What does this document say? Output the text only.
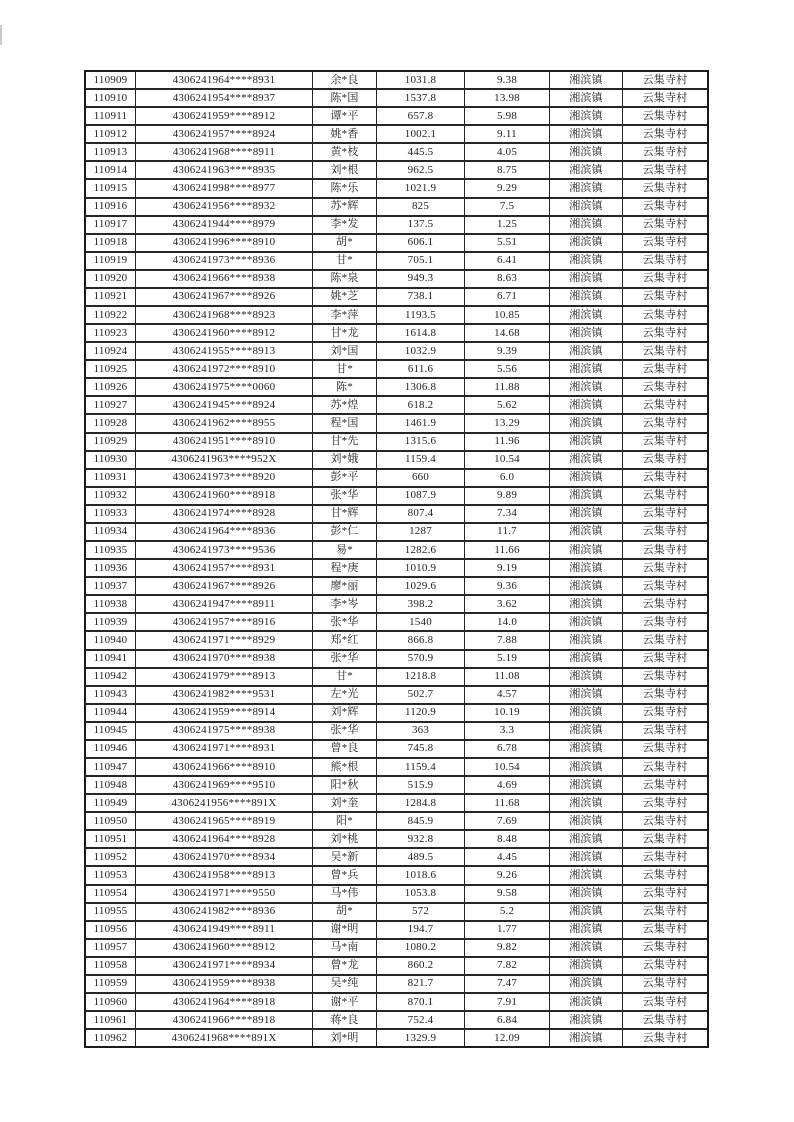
110909	4306241964****8931	余*良	1031.8	9.38	湘滨镇	云集寺村
110910	4306241954****8937	陈*国	1537.8	13.98	湘滨镇	云集寺村
110911	4306241959****8912	谭*平	657.8	5.98	湘滨镇	云集寺村
110912	4306241957****8924	姚*香	1002.1	9.11	湘滨镇	云集寺村
110913	4306241968****8911	黄*枝	445.5	4.05	湘滨镇	云集寺村
110914	4306241963****8935	刘*根	962.5	8.75	湘滨镇	云集寺村
110915	4306241998****8977	陈*乐	1021.9	9.29	湘滨镇	云集寺村
110916	4306241956****8932	苏*辉	825	7.5	湘滨镇	云集寺村
110917	4306241944****8979	李*发	137.5	1.25	湘滨镇	云集寺村
110918	4306241996****8910	胡*	606.1	5.51	湘滨镇	云集寺村
110919	4306241973****8936	甘*	705.1	6.41	湘滨镇	云集寺村
110920	4306241966****8938	陈*泉	949.3	8.63	湘滨镇	云集寺村
110921	4306241967****8926	姚*芝	738.1	6.71	湘滨镇	云集寺村
110922	4306241968****8923	李*萍	1193.5	10.85	湘滨镇	云集寺村
110923	4306241960****8912	甘*龙	1614.8	14.68	湘滨镇	云集寺村
110924	4306241955****8913	刘*国	1032.9	9.39	湘滨镇	云集寺村
110925	4306241972****8910	甘*	611.6	5.56	湘滨镇	云集寺村
110926	4306241975****0060	陈*	1306.8	11.88	湘滨镇	云集寺村
110927	4306241945****8924	苏*煌	618.2	5.62	湘滨镇	云集寺村
110928	4306241962****8955	程*国	1461.9	13.29	湘滨镇	云集寺村
110929	4306241951****8910	甘*先	1315.6	11.96	湘滨镇	云集寺村
110930	4306241963****952X	刘*娥	1159.4	10.54	湘滨镇	云集寺村
110931	4306241973****8920	彭*平	660	6.0	湘滨镇	云集寺村
110932	4306241960****8918	张*华	1087.9	9.89	湘滨镇	云集寺村
110933	4306241974****8928	甘*辉	807.4	7.34	湘滨镇	云集寺村
110934	4306241964****8936	彭*仁	1287	11.7	湘滨镇	云集寺村
110935	4306241973****9536	易*	1282.6	11.66	湘滨镇	云集寺村
110936	4306241957****8931	程*庚	1010.9	9.19	湘滨镇	云集寺村
110937	4306241967****8926	廖*丽	1029.6	9.36	湘滨镇	云集寺村
110938	4306241947****8911	李*岑	398.2	3.62	湘滨镇	云集寺村
110939	4306241957****8916	张*华	1540	14.0	湘滨镇	云集寺村
110940	4306241971****8929	郑*红	866.8	7.88	湘滨镇	云集寺村
110941	4306241970****8938	张*华	570.9	5.19	湘滨镇	云集寺村
110942	4306241979****8913	甘*	1218.8	11.08	湘滨镇	云集寺村
110943	4306241982****9531	左*光	502.7	4.57	湘滨镇	云集寺村
110944	4306241959****8914	刘*辉	1120.9	10.19	湘滨镇	云集寺村
110945	4306241975****8938	张*华	363	3.3	湘滨镇	云集寺村
110946	4306241971****8931	曾*良	745.8	6.78	湘滨镇	云集寺村
110947	4306241966****8910	熊*根	1159.4	10.54	湘滨镇	云集寺村
110948	4306241969****9510	阳*秋	515.9	4.69	湘滨镇	云集寺村
110949	4306241956****891X	刘*奎	1284.8	11.68	湘滨镇	云集寺村
110950	4306241965****8919	阳*	845.9	7.69	湘滨镇	云集寺村
110951	4306241964****8928	刘*桃	932.8	8.48	湘滨镇	云集寺村
110952	4306241970****8934	吴*新	489.5	4.45	湘滨镇	云集寺村
110953	4306241958****8913	曾*兵	1018.6	9.26	湘滨镇	云集寺村
110954	4306241971****9550	马*伟	1053.8	9.58	湘滨镇	云集寺村
110955	4306241982****8936	胡*	572	5.2	湘滨镇	云集寺村
110956	4306241949****8911	谢*明	194.7	1.77	湘滨镇	云集寺村
110957	4306241960****8912	马*南	1080.2	9.82	湘滨镇	云集寺村
110958	4306241971****8934	曾*龙	860.2	7.82	湘滨镇	云集寺村
110959	4306241959****8938	吴*纯	821.7	7.47	湘滨镇	云集寺村
110960	4306241964****8918	谢*平	870.1	7.91	湘滨镇	云集寺村
110961	4306241966****8918	蒋*良	752.4	6.84	湘滨镇	云集寺村
110962	4306241968****891X	刘*明	1329.9	12.09	湘滨镇	云集寺村
